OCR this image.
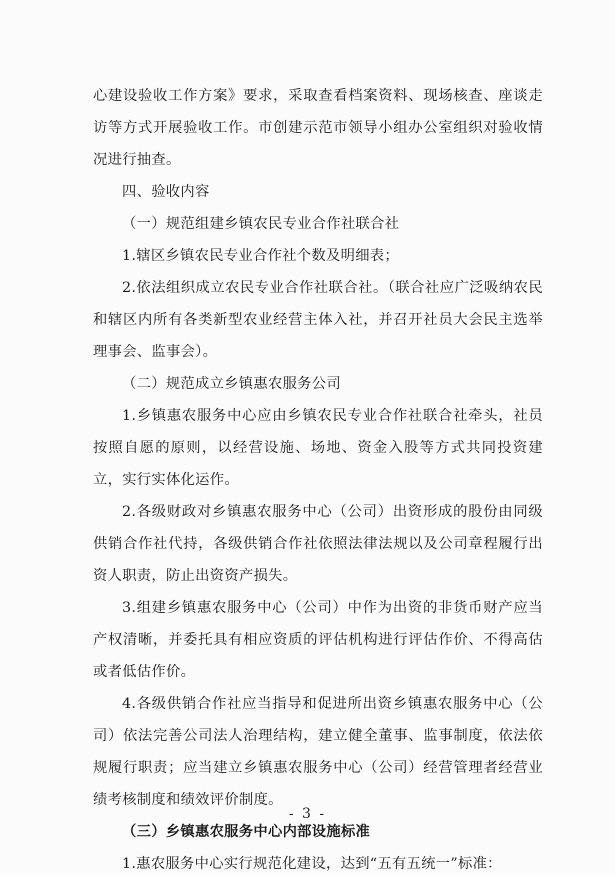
心建设验收工作方案》要求，采取查看档案资料、现场核查、座谈走访等方式开展验收工作。市创建示范市领导小组办公室组织对验收情况进行抽查。

四、验收内容

（一）规范组建乡镇农民专业合作社联合社

1.辖区乡镇农民专业合作社个数及明细表；

2.依法组织成立农民专业合作社联合社。（联合社应广泛吸纳农民和辖区内所有各类新型农业经营主体入社，并召开社员大会民主选举理事会、监事会）。

（二）规范成立乡镇惠农服务公司

1.乡镇惠农服务中心应由乡镇农民专业合作社联合社牵头，社员按照自愿的原则，以经营设施、场地、资金入股等方式共同投资建立，实行实体化运作。

2.各级财政对乡镇惠农服务中心（公司）出资形成的股份由同级供销合作社代持，各级供销合作社依照法律法规以及公司章程履行出资人职责，防止出资资产损失。

3.组建乡镇惠农服务中心（公司）中作为出资的非货币财产应当产权清晰，并委托具有相应资质的评估机构进行评估作价、不得高估或者低估作价。

4.各级供销合作社应当指导和促进所出资乡镇惠农服务中心（公司）依法完善公司法人治理结构，建立健全董事、监事制度，依法依规履行职责；应当建立乡镇惠农服务中心（公司）经营管理者经营业绩考核制度和绩效评价制度。

（三）乡镇惠农服务中心内部设施标准

1.惠农服务中心实行规范化建设，达到“五有五统一”标准：

- 3 -
